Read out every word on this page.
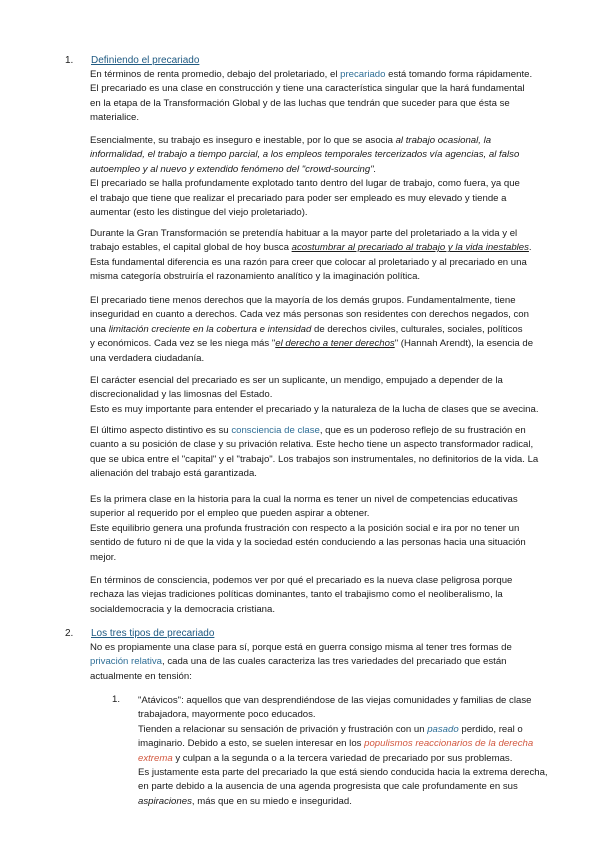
1.	Definiendo el precariado
En términos de renta promedio, debajo del proletariado, el precariado está tomando forma rápidamente.
El precariado es una clase en construcción y tiene una característica singular que la hará fundamental
en la etapa de la Transformación Global y de las luchas que tendrán que suceder para que ésta se
materialice.
Esencialmente, su trabajo es inseguro e inestable, por lo que se asocia al trabajo ocasional, la
informalidad, el trabajo a tiempo parcial, a los empleos temporales tercerizados vía agencias, al falso
autoempleo y al nuevo y extendido fenómeno del "crowd-sourcing".
El precariado se halla profundamente explotado tanto dentro del lugar de trabajo, como fuera, ya que
el trabajo que tiene que realizar el precariado para poder ser empleado es muy elevado y tiende a
aumentar (esto les distingue del viejo proletariado).
Durante la Gran Transformación se pretendía habituar a la mayor parte del proletariado a la vida y el
trabajo estables, el capital global de hoy busca acostumbrar al precariado al trabajo y la vida inestables.
Esta fundamental diferencia es una razón para creer que colocar al proletariado y al precariado en una
misma categoría obstruiría el razonamiento analítico y la imaginación política.
El precariado tiene menos derechos que la mayoría de los demás grupos. Fundamentalmente, tiene
inseguridad en cuanto a derechos. Cada vez más personas son residentes con derechos negados, con
una limitación creciente en la cobertura e intensidad de derechos civiles, culturales, sociales, políticos
y económicos. Cada vez se les niega más "el derecho a tener derechos" (Hannah Arendt), la esencia de
una verdadera ciudadanía.
El carácter esencial del precariado es ser un suplicante, un mendigo, empujado a depender de la
discrecionalidad y las limosnas del Estado.
Esto es muy importante para entender el precariado y la naturaleza de la lucha de clases que se avecina.
El último aspecto distintivo es su consciencia de clase, que es un poderoso reflejo de su frustración en
cuanto a su posición de clase y su privación relativa. Este hecho tiene un aspecto transformador radical,
que se ubica entre el "capital" y el "trabajo". Los trabajos son instrumentales, no definitorios de la vida. La
alienación del trabajo está garantizada.
Es la primera clase en la historia para la cual la norma es tener un nivel de competencias educativas
superior al requerido por el empleo que pueden aspirar a obtener.
Este equilibrio genera una profunda frustración con respecto a la posición social e ira por no tener un
sentido de futuro ni de que la vida y la sociedad estén conduciendo a las personas hacia una situación
mejor.
En términos de consciencia, podemos ver por qué el precariado es la nueva clase peligrosa porque
rechaza las viejas tradiciones políticas dominantes, tanto el trabajismo como el neoliberalismo, la
socialdemocracia y la democracia cristiana.
2.	Los tres tipos de precariado
No es propiamente una clase para sí, porque está en guerra consigo misma al tener tres formas de
privación relativa, cada una de las cuales caracteriza las tres variedades del precariado que están
actualmente en tensión:
1. "Atávicos": aquellos que van desprendiéndose de las viejas comunidades y familias de clase
trabajadora, mayormente poco educados.
Tienden a relacionar su sensación de privación y frustración con un pasado perdido, real o
imaginario. Debido a esto, se suelen interesar en los populismos reaccionarios de la derecha
extrema y culpan a la segunda o a la tercera variedad de precariado por sus problemas.
Es justamente esta parte del precariado la que está siendo conducida hacia la extrema derecha,
en parte debido a la ausencia de una agenda progresista que cale profundamente en sus
aspiraciones, más que en su miedo e inseguridad.
